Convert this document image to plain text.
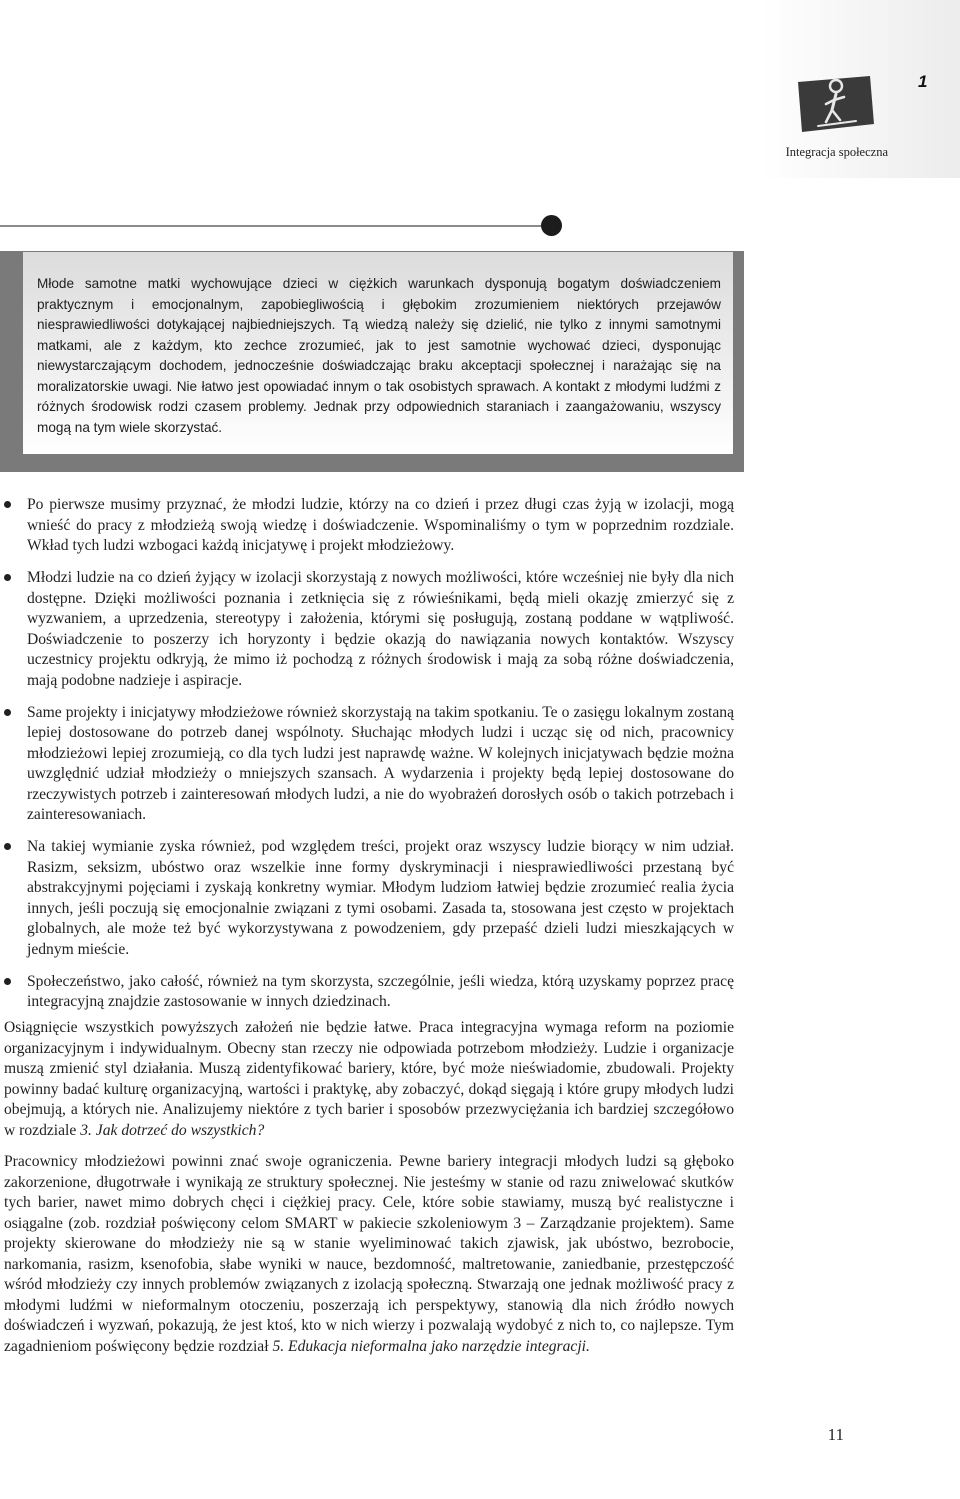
1
Integracja społeczna

Młode samotne matki wychowujące dzieci w ciężkich warunkach dysponują bogatym doświadczeniem praktycznym i emocjonalnym, zapobiegliwością i głębokim zrozumieniem niektórych przejawów niesprawiedliwości dotykającej najbiedniejszych. Tą wiedzą należy się dzielić, nie tylko z innymi samotnymi matkami, ale z każdym, kto zechce zrozumieć, jak to jest samotnie wychować dzieci, dysponując niewystarczającym dochodem, jednocześnie doświadczając braku akceptacji społecznej i narażając się na moralizatorskie uwagi. Nie łatwo jest opowiadać innym o tak osobistych sprawach. A kontakt z młodymi ludźmi z różnych środowisk rodzi czasem problemy. Jednak przy odpowiednich staraniach i zaangażowaniu, wszyscy mogą na tym wiele skorzystać.

Po pierwsze musimy przyznać, że młodzi ludzie, którzy na co dzień i przez długi czas żyją w izolacji, mogą wnieść do pracy z młodzieżą swoją wiedzę i doświadczenie. Wspominaliśmy o tym w poprzednim rozdziale. Wkład tych ludzi wzbogaci każdą inicjatywę i projekt młodzieżowy.
Młodzi ludzie na co dzień żyjący w izolacji skorzystają z nowych możliwości, które wcześniej nie były dla nich dostępne. Dzięki możliwości poznania i zetknięcia się z rówieśnikami, będą mieli okazję zmierzyć się z wyzwaniem, a uprzedzenia, stereotypy i założenia, którymi się posługują, zostaną poddane w wątpliwość. Doświadczenie to poszerzy ich horyzonty i będzie okazją do nawiązania nowych kontaktów. Wszyscy uczestnicy projektu odkryją, że mimo iż pochodzą z różnych środowisk i mają za sobą różne doświadczenia, mają podobne nadzieje i aspiracje.
Same projekty i inicjatywy młodzieżowe również skorzystają na takim spotkaniu. Te o zasięgu lokalnym zostaną lepiej dostosowane do potrzeb danej wspólnoty. Słuchając młodych ludzi i ucząc się od nich, pracownicy młodzieżowi lepiej zrozumieją, co dla tych ludzi jest naprawdę ważne. W kolejnych inicjatywach będzie można uwzględnić udział młodzieży o mniejszych szansach. A wydarzenia i projekty będą lepiej dostosowane do rzeczywistych potrzeb i zainteresowań młodych ludzi, a nie do wyobrażeń dorosłych osób o takich potrzebach i zainteresowaniach.
Na takiej wymianie zyska również, pod względem treści, projekt oraz wszyscy ludzie biorący w nim udział. Rasizm, seksizm, ubóstwo oraz wszelkie inne formy dyskryminacji i niesprawiedliwości przestaną być abstrakcyjnymi pojęciami i zyskają konkretny wymiar. Młodym ludziom łatwiej będzie zrozumieć realia życia innych, jeśli poczują się emocjonalnie związani z tymi osobami. Zasada ta, stosowana jest często w projektach globalnych, ale może też być wykorzystywana z powodzeniem, gdy przepaść dzieli ludzi mieszkających w jednym mieście.
Społeczeństwo, jako całość, również na tym skorzysta, szczególnie, jeśli wiedza, którą uzyskamy poprzez pracę integracyjną znajdzie zastosowanie w innych dziedzinach.

Osiągnięcie wszystkich powyższych założeń nie będzie łatwe. Praca integracyjna wymaga reform na poziomie organizacyjnym i indywidualnym. Obecny stan rzeczy nie odpowiada potrzebom młodzieży. Ludzie i organizacje muszą zmienić styl działania. Muszą zidentyfikować bariery, które, być może nieświadomie, zbudowali. Projekty powinny badać kulturę organizacyjną, wartości i praktykę, aby zobaczyć, dokąd sięgają i które grupy młodych ludzi obejmują, a których nie. Analizujemy niektóre z tych barier i sposobów przezwyciężania ich bardziej szczegółowo w rozdziale 3. Jak dotrzeć do wszystkich?

Pracownicy młodzieżowi powinni znać swoje ograniczenia. Pewne bariery integracji młodych ludzi są głęboko zakorzenione, długotrwałe i wynikają ze struktury społecznej. Nie jesteśmy w stanie od razu zniwelować skutków tych barier, nawet mimo dobrych chęci i ciężkiej pracy. Cele, które sobie stawiamy, muszą być realistyczne i osiągalne (zob. rozdział poświęcony celom SMART w pakiecie szkoleniowym 3 – Zarządzanie projektem). Same projekty skierowane do młodzieży nie są w stanie wyeliminować takich zjawisk, jak ubóstwo, bezrobocie, narkomania, rasizm, ksenofobia, słabe wyniki w nauce, bezdomność, maltretowanie, zaniedbanie, przestępczość wśród młodzieży czy innych problemów związanych z izolacją społeczną. Stwarzają one jednak możliwość pracy z młodymi ludźmi w nieformalnym otoczeniu, poszerzają ich perspektywy, stanowią dla nich źródło nowych doświadczeń i wyzwań, pokazują, że jest ktoś, kto w nich wierzy i pozwalają wydobyć z nich to, co najlepsze. Tym zagadnieniom poświęcony będzie rozdział 5. Edukacja nieformalna jako narzędzie integracji.

11
